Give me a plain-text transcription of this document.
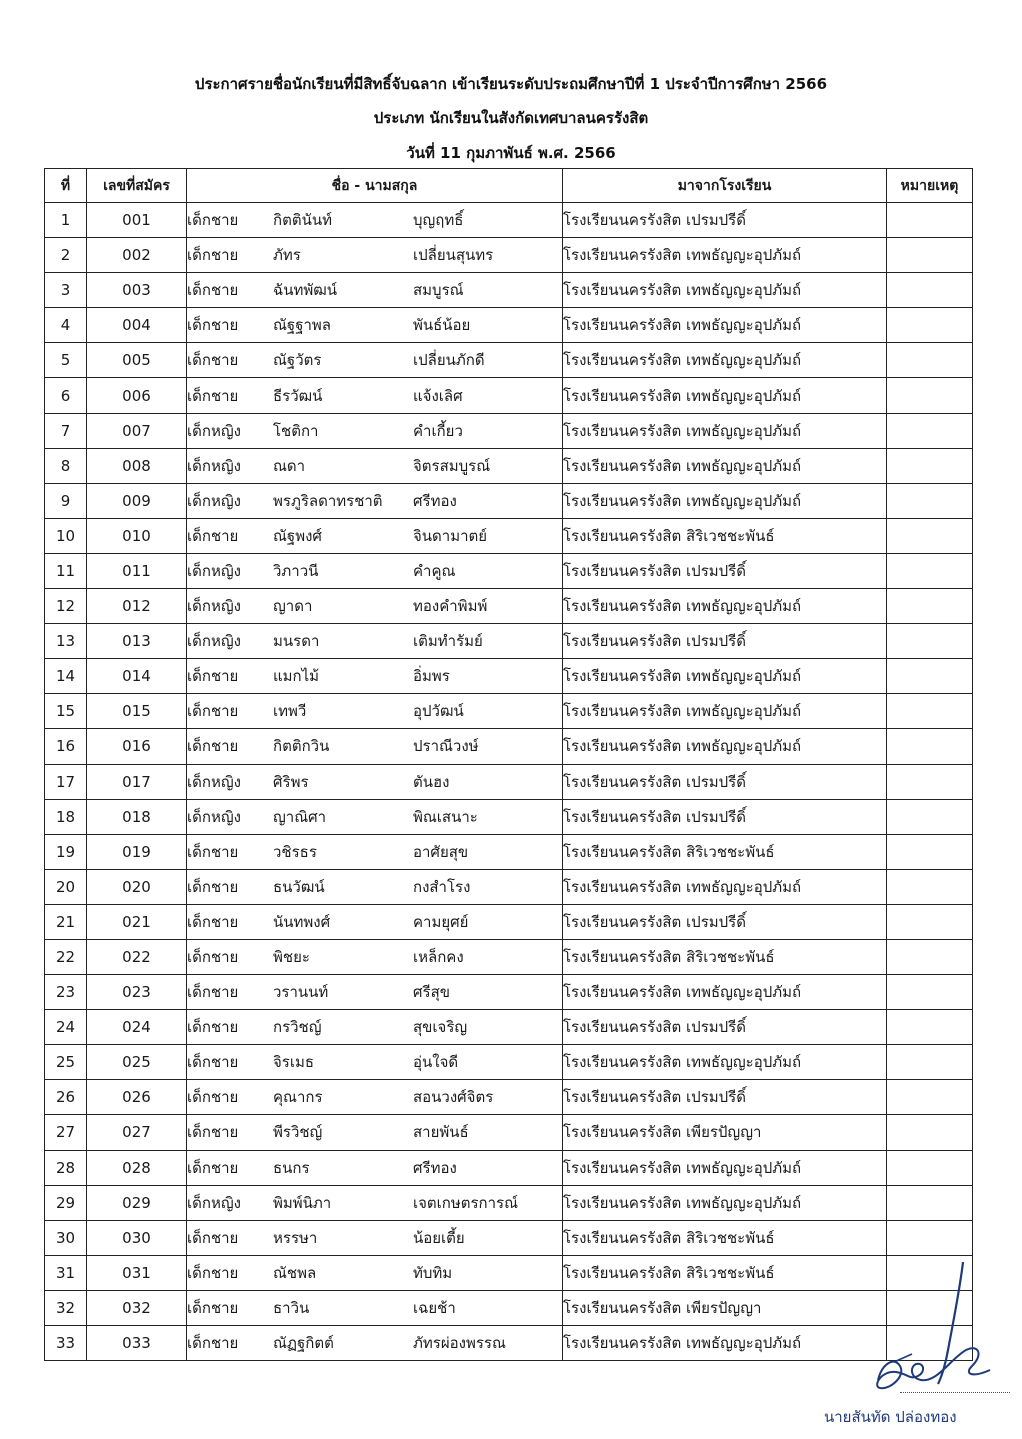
ประกาศรายชื่อนักเรียนที่มีสิทธิ์จับฉลาก เข้าเรียนระดับประถมศึกษาปีที่ 1 ประจำปีการศึกษา 2566
ประเภท นักเรียนในสังกัดเทศบาลนครรังสิต
วันที่ 11 กุมภาพันธ์ พ.ศ. 2566
ที่	เลขที่สมัคร	ชื่อ - นามสกุล	มาจากโรงเรียน	หมายเหตุ
1	001	เด็กชาย กิตตินันท์ บุญฤทธิ์	โรงเรียนนครรังสิต เปรมปรีดิ์	
2	002	เด็กชาย ภัทร เปลี่ยนสุนทร	โรงเรียนนครรังสิต เทพธัญญะอุปภัมถ์	
3	003	เด็กชาย ฉันทพัฒน์ สมบูรณ์	โรงเรียนนครรังสิต เทพธัญญะอุปภัมถ์	
4	004	เด็กชาย ณัฐฐาพล พันธ์น้อย	โรงเรียนนครรังสิต เทพธัญญะอุปภัมถ์	
5	005	เด็กชาย ณัฐวัตร เปลี่ยนภักดี	โรงเรียนนครรังสิต เทพธัญญะอุปภัมถ์	
6	006	เด็กชาย ธีรวัฒน์ แจ้งเลิศ	โรงเรียนนครรังสิต เทพธัญญะอุปภัมถ์	
7	007	เด็กหญิง โชติกา คำเกี้ยว	โรงเรียนนครรังสิต เทพธัญญะอุปภัมถ์	
8	008	เด็กหญิง ณดา จิตรสมบูรณ์	โรงเรียนนครรังสิต เทพธัญญะอุปภัมถ์	
9	009	เด็กหญิง พรภูริลดาทรชาติ ศรีทอง	โรงเรียนนครรังสิต เทพธัญญะอุปภัมถ์	
10	010	เด็กชาย ณัฐพงศ์ จินดามาตย์	โรงเรียนนครรังสิต สิริเวชชะพันธ์	
11	011	เด็กหญิง วิภาวนี คำคูณ	โรงเรียนนครรังสิต เปรมปรีดิ์	
12	012	เด็กหญิง ญาดา ทองคำพิมพ์	โรงเรียนนครรังสิต เทพธัญญะอุปภัมถ์	
13	013	เด็กหญิง มนรดา เติมทำรัมย์	โรงเรียนนครรังสิต เปรมปรีดิ์	
14	014	เด็กชาย แมกไม้ อิ่มพร	โรงเรียนนครรังสิต เทพธัญญะอุปภัมถ์	
15	015	เด็กชาย เทพวี อุปวัฒน์	โรงเรียนนครรังสิต เทพธัญญะอุปภัมถ์	
16	016	เด็กชาย กิตติกวิน ปราณีวงษ์	โรงเรียนนครรังสิต เทพธัญญะอุปภัมถ์	
17	017	เด็กหญิง ศิริพร ตันฮง	โรงเรียนนครรังสิต เปรมปรีดิ์	
18	018	เด็กหญิง ญาณิศา พิณเสนาะ	โรงเรียนนครรังสิต เปรมปรีดิ์	
19	019	เด็กชาย วชิรธร อาศัยสุข	โรงเรียนนครรังสิต สิริเวชชะพันธ์	
20	020	เด็กชาย ธนวัฒน์ กงสำโรง	โรงเรียนนครรังสิต เทพธัญญะอุปภัมถ์	
21	021	เด็กชาย นันทพงศ์ คามยุศย์	โรงเรียนนครรังสิต เปรมปรีดิ์	
22	022	เด็กชาย พิชยะ เหล็กคง	โรงเรียนนครรังสิต สิริเวชชะพันธ์	
23	023	เด็กชาย วรานนท์ ศรีสุข	โรงเรียนนครรังสิต เทพธัญญะอุปภัมถ์	
24	024	เด็กชาย กรวิชญ์ สุขเจริญ	โรงเรียนนครรังสิต เปรมปรีดิ์	
25	025	เด็กชาย จิรเมธ อุ่นใจดี	โรงเรียนนครรังสิต เทพธัญญะอุปภัมถ์	
26	026	เด็กชาย คุณากร สอนวงศ์จิตร	โรงเรียนนครรังสิต เปรมปรีดิ์	
27	027	เด็กชาย พีรวิชญ์ สายพันธ์	โรงเรียนนครรังสิต เพียรปัญญา	
28	028	เด็กชาย ธนกร ศรีทอง	โรงเรียนนครรังสิต เทพธัญญะอุปภัมถ์	
29	029	เด็กหญิง พิมพ์นิภา เจตเกษตรการณ์	โรงเรียนนครรังสิต เทพธัญญะอุปภัมถ์	
30	030	เด็กชาย หรรษา น้อยเตี้ย	โรงเรียนนครรังสิต สิริเวชชะพันธ์	
31	031	เด็กชาย ณัชพล ทับทิม	โรงเรียนนครรังสิต สิริเวชชะพันธ์	
32	032	เด็กชาย ธาวิน เฉยช้า	โรงเรียนนครรังสิต เพียรปัญญา	
33	033	เด็กชาย ณัฏฐกิตต์ ภัทรผ่องพรรณ	โรงเรียนนครรังสิต เทพธัญญะอุปภัมถ์	
นายสันทัด ปล่องทอง
